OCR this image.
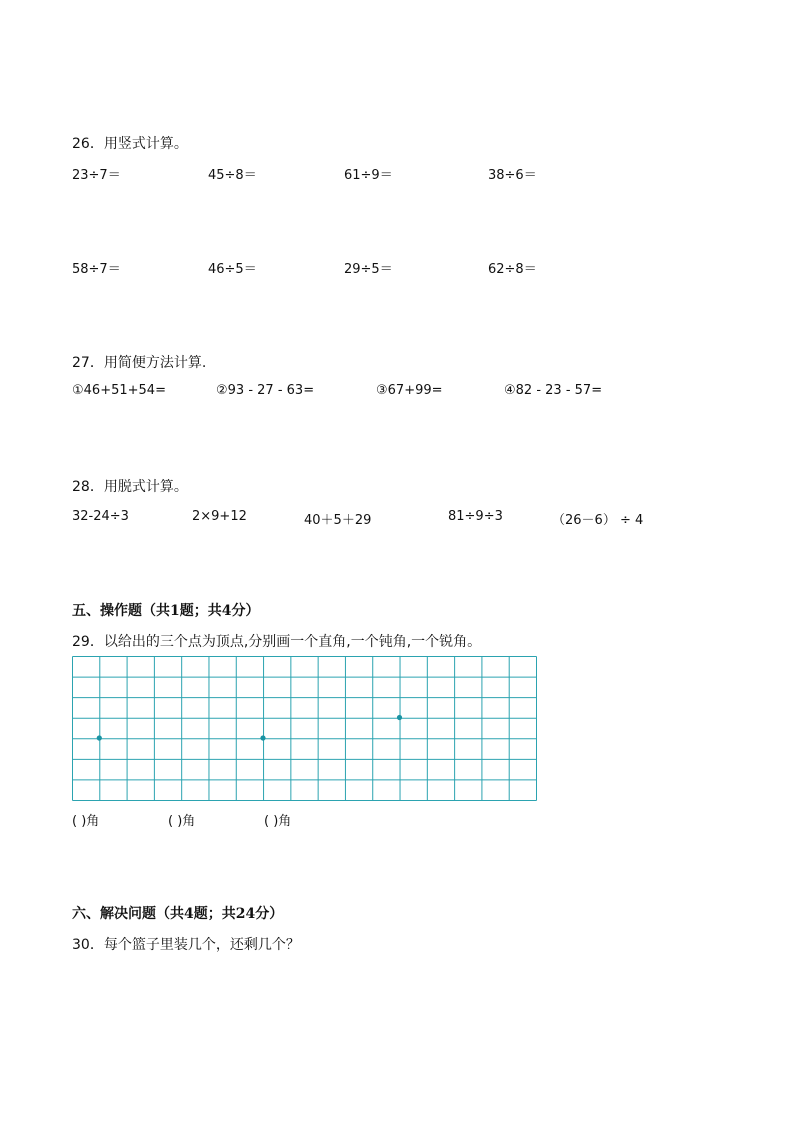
26．用竖式计算。
23÷7＝	45÷8＝	61÷9＝	38÷6＝
58÷7＝	46÷5＝	29÷5＝	62÷8＝
27．用简便方法计算.
①46+51+54=	②93 - 27 - 63=	③67+99=	④82 - 23 - 57=
28．用脱式计算。
32-24÷3	2×9+12	40＋5＋29	81÷9÷3	（26－6） ÷ 4
五、操作题（共1题；共4分）
29．以给出的三个点为顶点,分别画一个直角,一个钝角,一个锐角。
( )角	( )角	( )角
六、解决问题（共4题；共24分）
30．每个篮子里装几个，还剩几个？
